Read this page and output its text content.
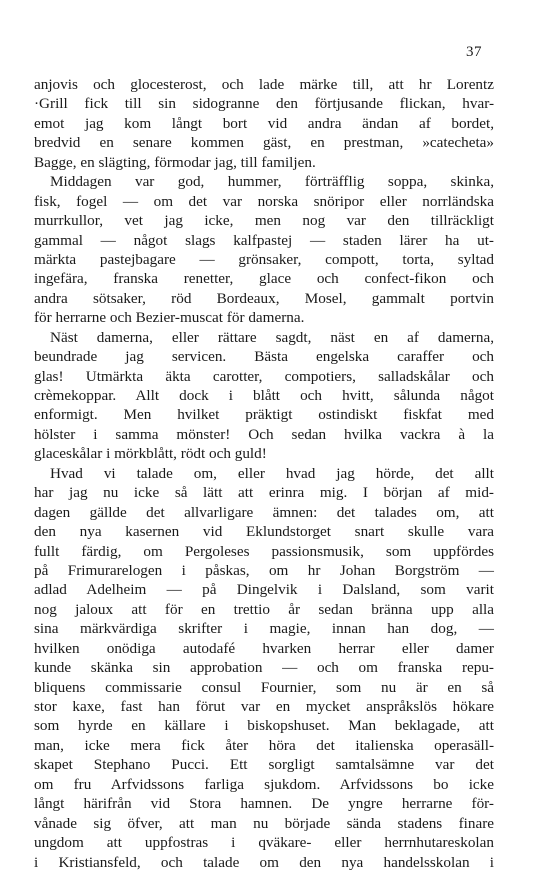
37
anjovis och glocesterost, och lade märke till, att hr Lorentz
·Grill fick till sin sidogranne den förtjusande flickan, hvar-
emot jag kom långt bort vid andra ändan af bordet,
bredvid en senare kommen gäst, en prestman, »catecheta»
Bagge, en slägting, förmodar jag, till familjen.
Middagen var god, hummer, förträfflig soppa, skinka,
fisk, fogel — om det var norska snöripor eller norrländska
murrkullor, vet jag icke, men nog var den tillräckligt
gammal — något slags kalfpastej — staden lärer ha ut-
märkta pastejbagare — grönsaker, compott, torta, syltad
ingefära, franska renetter, glace och confect-fikon och
andra sötsaker, röd Bordeaux, Mosel, gammalt portvin
för herrarne och Bezier-muscat för damerna.
Näst damerna, eller rättare sagdt, näst en af damerna,
beundrade jag servicen. Bästa engelska caraffer och
glas! Utmärkta äkta carotter, compotiers, salladskålar och
crèmekoppar. Allt dock i blått och hvitt, sålunda något
enformigt. Men hvilket präktigt ostindiskt fiskfat med
hölster i samma mönster! Och sedan hvilka vackra à la
glaceskålar i mörkblått, rödt och guld!
Hvad vi talade om, eller hvad jag hörde, det allt
har jag nu icke så lätt att erinra mig. I början af mid-
dagen gällde det allvarligare ämnen: det talades om, att
den nya kasernen vid Eklundstorget snart skulle vara
fullt färdig, om Pergoleses passionsmusik, som uppfördes
på Frimurarelogen i påskas, om hr Johan Borgström —
adlad Adelheim — på Dingelvik i Dalsland, som varit
nog jaloux att för en trettio år sedan bränna upp alla
sina märkvärdiga skrifter i magie, innan han dog, —
hvilken onödiga autodafé hvarken herrar eller damer
kunde skänka sin approbation — och om franska repu-
bliquens commissarie consul Fournier, som nu är en så
stor kaxe, fast han förut var en mycket anspråkslös hökare
som hyrde en källare i biskopshuset. Man beklagade, att
man, icke mera fick åter höra det italienska operasäll-
skapet Stephano Pucci. Ett sorgligt samtalsämne var det
om fru Arfvidssons farliga sjukdom. Arfvidssons bo icke
långt härifrån vid Stora hamnen. De yngre herrarne för-
vånade sig öfver, att man nu började sända stadens finare
ungdom att uppfostras i qväkare- eller herrnhutareskolan
i Kristiansfeld, och talade om den nya handelsskolan i
